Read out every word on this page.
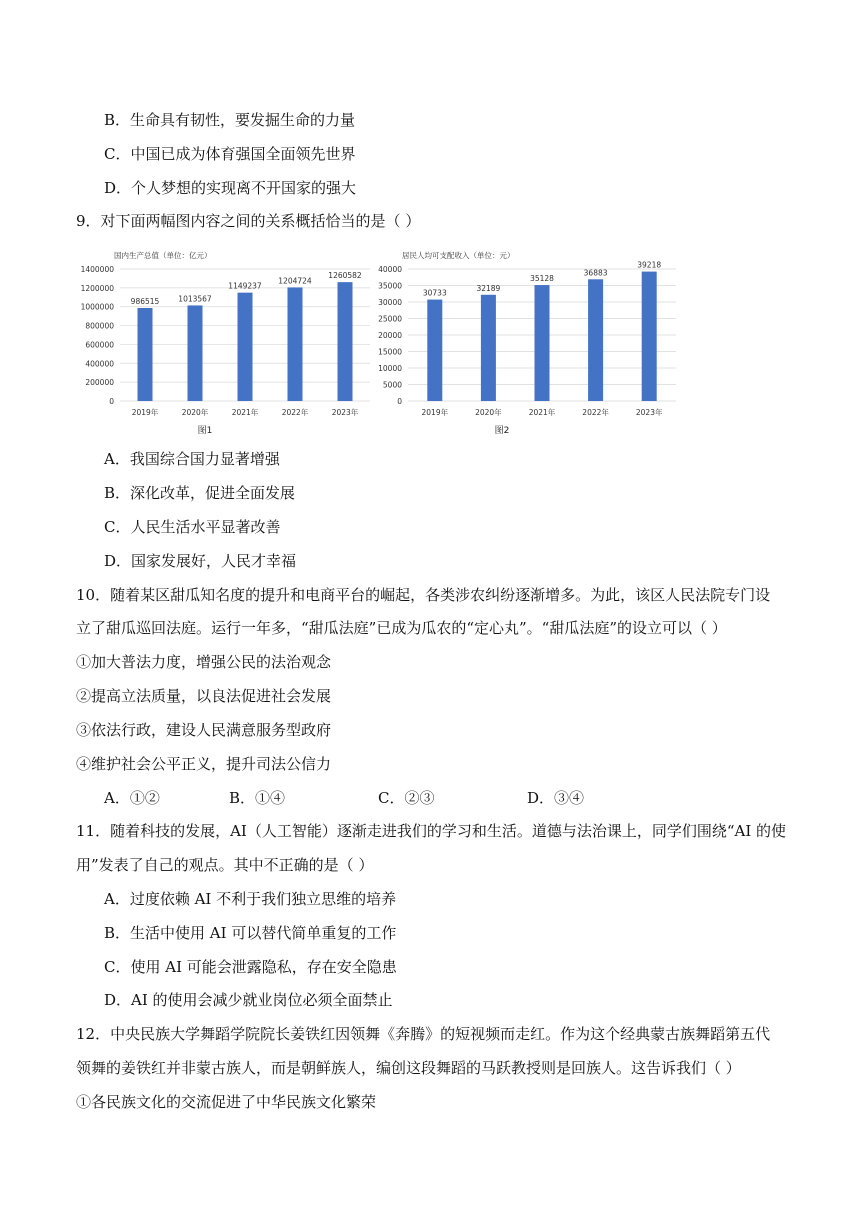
B．生命具有韧性，要发掘生命的力量
C．中国已成为体育强国全面领先世界
D．个人梦想的实现离不开国家的强大
9．对下面两幅图内容之间的关系概括恰当的是（ ）
国内生产总值（单位：亿元）
0
200000
400000
600000
800000
1000000
1200000
1400000
986515
2019年
1013567
2020年
1149237
2021年
1204724
2022年
1260582
2023年
图1
居民人均可支配收入（单位：元）
0
5000
10000
15000
20000
25000
30000
35000
40000
30733
2019年
32189
2020年
35128
2021年
36883
2022年
39218
2023年
图2
A．我国综合国力显著增强
B．深化改革，促进全面发展
C．人民生活水平显著改善
D．国家发展好，人民才幸福
10．随着某区甜瓜知名度的提升和电商平台的崛起，各类涉农纠纷逐渐增多。为此，该区人民法院专门设
立了甜瓜巡回法庭。运行一年多，“甜瓜法庭”已成为瓜农的“定心丸”。“甜瓜法庭”的设立可以（ ）
①加大普法力度，增强公民的法治观念
②提高立法质量，以良法促进社会发展
③依法行政，建设人民满意服务型政府
④维护社会公平正义，提升司法公信力
A．①②	B．①④	C．②③	D．③④
11．随着科技的发展，AI（人工智能）逐渐走进我们的学习和生活。道德与法治课上，同学们围绕“AI 的使
用”发表了自己的观点。其中不正确的是（ ）
A．过度依赖 AI 不利于我们独立思维的培养
B．生活中使用 AI 可以替代简单重复的工作
C．使用 AI 可能会泄露隐私，存在安全隐患
D．AI 的使用会减少就业岗位必须全面禁止
12．中央民族大学舞蹈学院院长姜铁红因领舞《奔腾》的短视频而走红。作为这个经典蒙古族舞蹈第五代
领舞的姜铁红并非蒙古族人，而是朝鲜族人，编创这段舞蹈的马跃教授则是回族人。这告诉我们（ ）
①各民族文化的交流促进了中华民族文化繁荣
